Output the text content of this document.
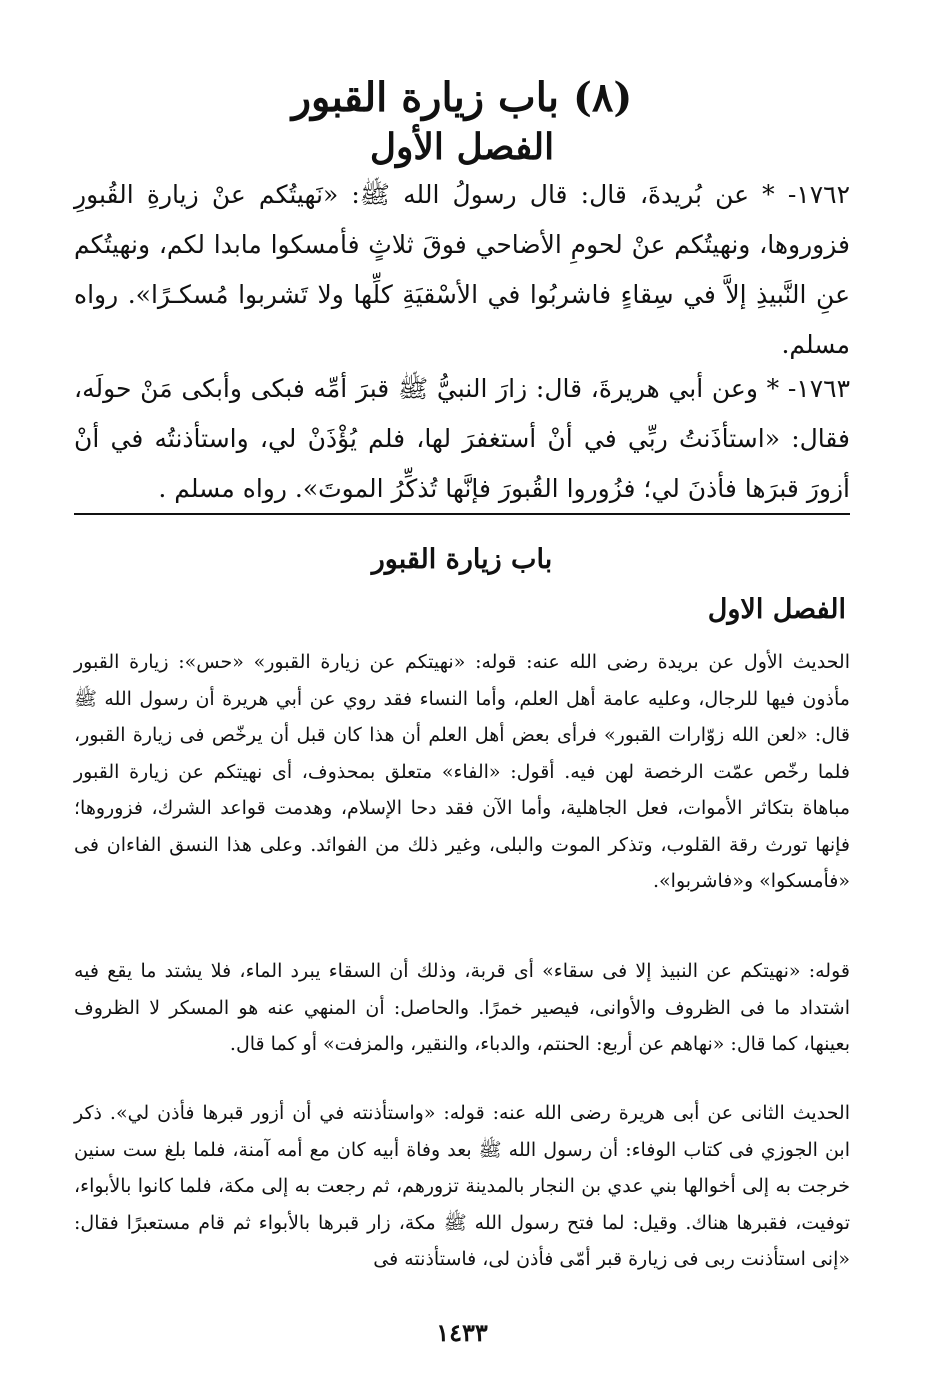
(٨) باب زيارة القبور
الفصل الأول

١٧٦٢- * عن بُريدةَ، قال: قال رسولُ الله ﷺ: «نَهيتُكم عنْ زيارةِ القُبورِ فزوروها، ونهيتُكم عنْ لحومِ الأضاحي فوقَ ثلاثٍ فأمسكوا مابدا لكم، ونهيتُكم عنِ النَّبيذِ إلاَّ في سِقاءٍ فاشربُوا في الأسْقيَةِ كلِّها ولا تَشربوا مُسكـرًا». رواه مسلم.

١٧٦٣- * وعن أبي هريرةَ، قال: زارَ النبيُّ ﷺ قبرَ أمِّه فبكى وأبكى مَنْ حولَه، فقال: «استأذَنتُ ربِّي في أنْ أستغفرَ لها، فلم يُؤْذَنْ لي، واستأذنتُه في أنْ أزورَ قبرَها فأذنَ لي؛ فزُوروا القُبورَ فإنَّها تُذكِّرُ الموتَ». رواه مسلم .

باب زيارة القبور
الفصل الاول

الحديث الأول عن بريدة رضى الله عنه: قوله: «نهيتكم عن زيارة القبور» «حس»: زيارة القبور مأذون فيها للرجال، وعليه عامة أهل العلم، وأما النساء فقد روي عن أبي هريرة أن رسول الله ﷺ قال: «لعن الله زوّارات القبور» فرأى بعض أهل العلم أن هذا كان قبل أن يرخّص فى زيارة القبور، فلما رخّص عمّت الرخصة لهن فيه. أقول: «الفاء» متعلق بمحذوف، أى نهيتكم عن زيارة القبور مباهاة بتكاثر الأموات، فعل الجاهلية، وأما الآن فقد دحا الإسلام، وهدمت قواعد الشرك، فزوروها؛ فإنها تورث رقة القلوب، وتذكر الموت والبلى، وغير ذلك من الفوائد. وعلى هذا النسق الفاءان فى «فأمسكوا» و«فاشربوا».

قوله: «نهيتكم عن النبيذ إلا فى سقاء» أى قربة، وذلك أن السقاء يبرد الماء، فلا يشتد ما يقع فيه اشتداد ما فى الظروف والأوانى، فيصير خمرًا. والحاصل: أن المنهي عنه هو المسكر لا الظروف بعينها، كما قال: «نهاهم عن أربع: الحنتم، والدباء، والنقير، والمزفت» أو كما قال.

الحديث الثانى عن أبى هريرة رضى الله عنه: قوله: «واستأذنته في أن أزور قبرها فأذن لي». ذكر ابن الجوزي فى كتاب الوفاء: أن رسول الله ﷺ بعد وفاة أبيه كان مع أمه آمنة، فلما بلغ ست سنين خرجت به إلى أخوالها بني عدي بن النجار بالمدينة تزورهم، ثم رجعت به إلى مكة، فلما كانوا بالأبواء، توفيت، فقبرها هناك. وقيل: لما فتح رسول الله ﷺ مكة، زار قبرها بالأبواء ثم قام مستعبرًا فقال: «إنى استأذنت ربى فى زيارة قبر أمّى فأذن لى، فاستأذنته فى

١٤٣٣
